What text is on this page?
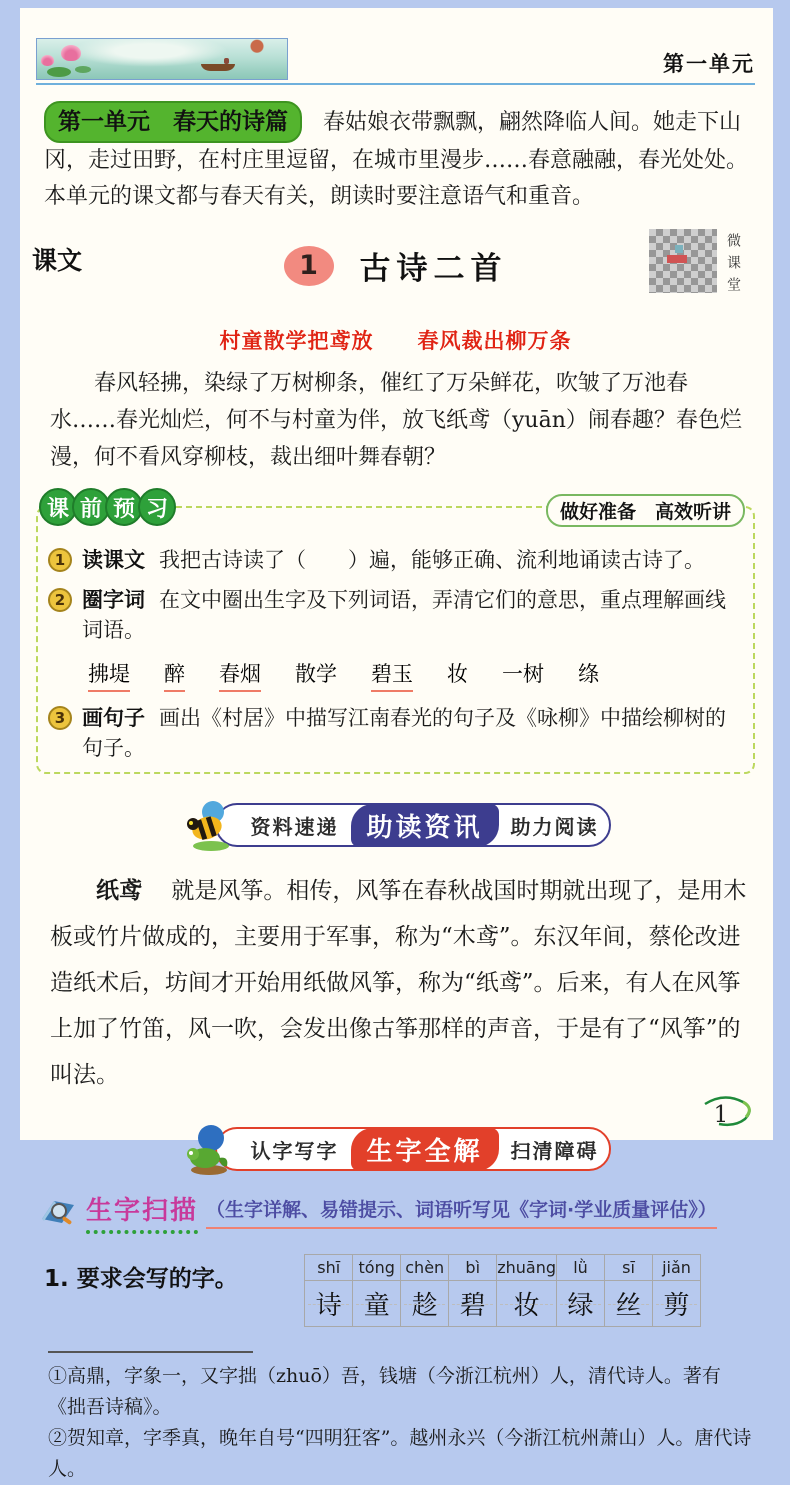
第一单元

第一单元　春天的诗篇 春姑娘衣带飘飘，翩然降临人间。她走下山冈，走过田野，在村庄里逗留，在城市里漫步……春意融融，春光处处。本单元的课文都与春天有关，朗读时要注意语气和重音。

课文	1	古诗二首	微课堂
村童散学把鸢放　　春风裁出柳万条

春风轻拂，染绿了万树柳条，催红了万朵鲜花，吹皱了万池春水……春光灿烂，何不与村童为伴，放飞纸鸢（yuān）闹春趣？春色烂漫，何不看风穿柳枝，裁出细叶舞春朝？

课 前 预 习	做好准备　高效听讲
1 读课文 我把古诗读了（　　）遍，能够正确、流利地诵读古诗了。
2 圈字词 在文中圈出生字及下列词语，弄清它们的意思，重点理解画线词语。
拂堤 醉 春烟 散学 碧玉 妆 一树 绦
3 画句子 画出《村居》中描写江南春光的句子及《咏柳》中描绘柳树的句子。
资料速递	助读资讯	助力阅读

纸鸢 就是风筝。相传，风筝在春秋战国时期就出现了，是用木板或竹片做成的，主要用于军事，称为“木鸢”。东汉年间，蔡伦改进造纸术后，坊间才开始用纸做风筝，称为“纸鸢”。后来，有人在风筝上加了竹笛，风一吹，会发出像古筝那样的声音，于是有了“风筝”的叫法。

认字写字	生字全解	扫清障碍
生字扫描 （生字详解、易错提示、词语听写见《字词·学业质量评估》）
1. 要求会写的字。	shī	tóng	chèn	bì	zhuāng	lǜ	sī	jiǎn
诗	童	趁	碧	妆	绿	丝	剪

①高鼎，字象一，又字拙（zhuō）吾，钱塘（今浙江杭州）人，清代诗人。著有《拙吾诗稿》。

②贺知章，字季真，晚年自号“四明狂客”。越州永兴（今浙江杭州萧山）人。唐代诗人。

1
